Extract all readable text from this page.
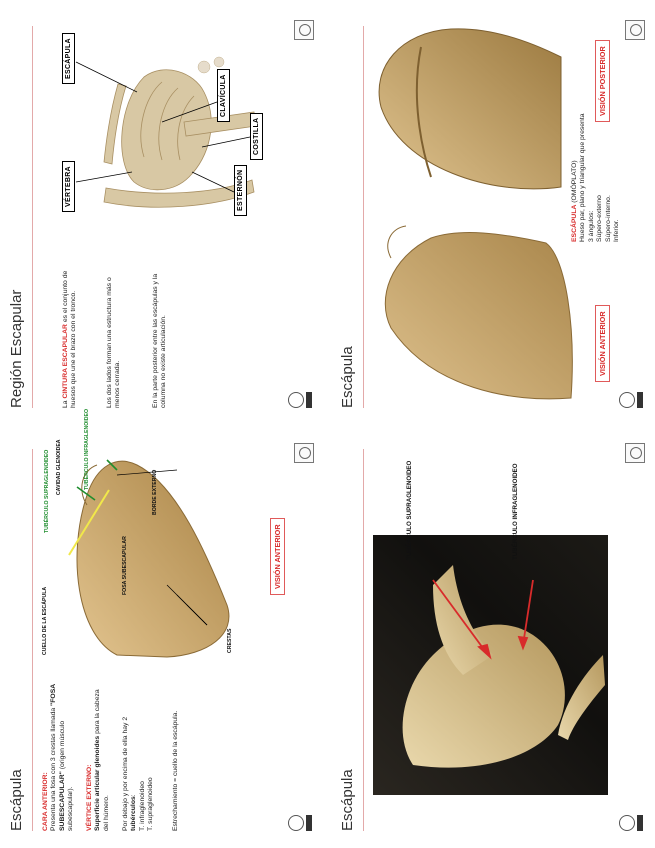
Región Escapular	La CINTURA ESCAPULAR es el conjunto de huesos que une el brazo con el tronco.	Los dos lados forman una estructura más o menos cerrada.	En la parte posterior entre las escápulas y la columna no existe articulación.
VÉRTEBRA
ESCÁPULA
ESTERNÓN
CLAVÍCULA
COSTILLA
Escápula	CARA ANTERIOR: Presenta una fosa con 3 crestas llamada "FOSA SUBESCAPULAR" (origen músculo subescapular). VÉRTICE EXTERNO: Superficie articular glenoides para la cabeza del húmero. Por debajo y por encima de ella hay 2 tubérculos: T. infraglenoideo T. supraglenoideo	Estrechamiento = cuello de la escápula.
CUELLO DE LA ESCÁPULA
TUBÉRCULO SUPRAGLENOIDEO CAVIDAD GLENOIDEA	TUBÉRCULO INFRAGLENOIDEO
FOSA SUBESCAPULAR
BORDE EXTERNO
CRESTAS
VISIÓN ANTERIOR
Escápula
VISIÓN ANTERIOR
VISIÓN POSTERIOR
ESCÁPULA (OMÓPLATO) Hueso par, plano y triangular que presenta 3 ángulos: Súpero-externo Súpero-interno. Inferior.
Escápula
TUBÉRCULO SUPRAGLENOIDEO	TUBÉRCULO INFRAGLENOIDEO
